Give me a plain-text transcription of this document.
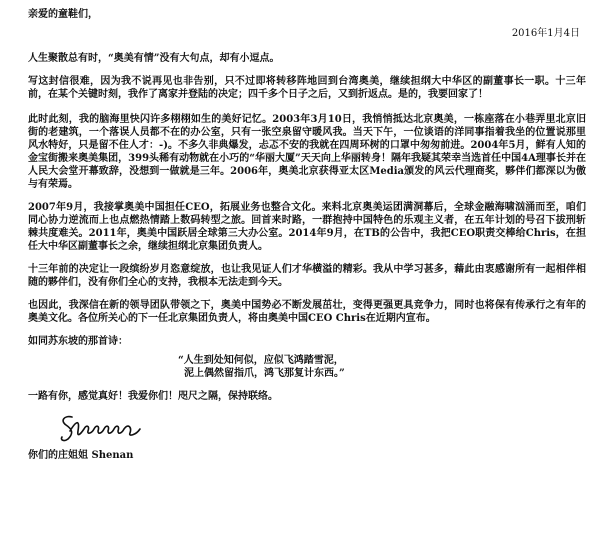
亲爱的童鞋们，
2016年1月4日
人生聚散总有时，“奥美有情”没有大句点，却有小逗点。
写这封信很难，因为我不说再见也非告别，只不过即将转移阵地回到台湾奥美，继续担纲大中华区的副董事长一职。十三年前，在某个关键时刻，我作了离家并登陆的决定；四千多个日子之后，又到折返点。是的，我要回家了！
此时此刻，我的脑海里快闪许多栩栩如生的美好记忆。2003年3月10日，我悄悄抵达北京奥美，一栋座落在小巷弄里北京旧街的老建筑，一个落误人员都不在的办公室，只有一张空泉留守暖风我。当天下午，一位谈语的洋同事指着我坐的位置说那里风水特好，只是留不住人才：-)。不多久非典爆发，忐忑不安的我就在四周环树的口罩中匆匆前进。2004年5月，鲜有人知的金宝街搬来奥美集团，399头稀有动物就在小巧的“华丽大厦”天天向上华丽转身！隔年我疑其荣幸当选首任中国4A理事长并在人民大会堂开幕致辞，没想到一做就是三年。2006年，奥美北京获得亚太区Media颁发的风云代理商奖，夥伴们都深以为傲与有荣焉。
2007年9月，我接掌奥美中国担任CEO，拓展业务也整合文化。来料北京奥美运团满洞幕后，全球金融海啸汹涌而至，咱们同心协力逆流而上也点燃热情踏上数码转型之旅。回首来时路，一群抱持中国特色的乐观主义者，在五年计划的号召下拔刑斩棘共度难关。2011年，奥美中国跃居全球第三大办公室。2014年9月，在TB的公告中，我把CEO职责交棒给Chris，在担任大中华区副董事长之余，继续担纲北京集团负责人。
十三年前的决定让一段缤纷岁月恣意绽放，也让我见证人们才华横溢的精彩。我从中学习甚多，藉此由衷感谢所有一起相伴相随的夥伴们，没有你们全心的支持，我根本无法走到今天。
也因此，我深信在新的领导团队带领之下，奥美中国势必不断发展茁壮，变得更强更具竞争力，同时也将保有传承行之有年的奥美文化。各位所关心的下一任北京集团负责人，将由奥美中国CEO Chris在近期内宣布。
如同苏东坡的那首诗：
“人生到处知何似，应似飞鸿踏雪泥，
泥上偶然留指爪，鸿飞那复计东西。”
一路有你，感觉真好！我爱你们！咫尺之隔，保持联络。
你们的庄姐姐 Shenan
